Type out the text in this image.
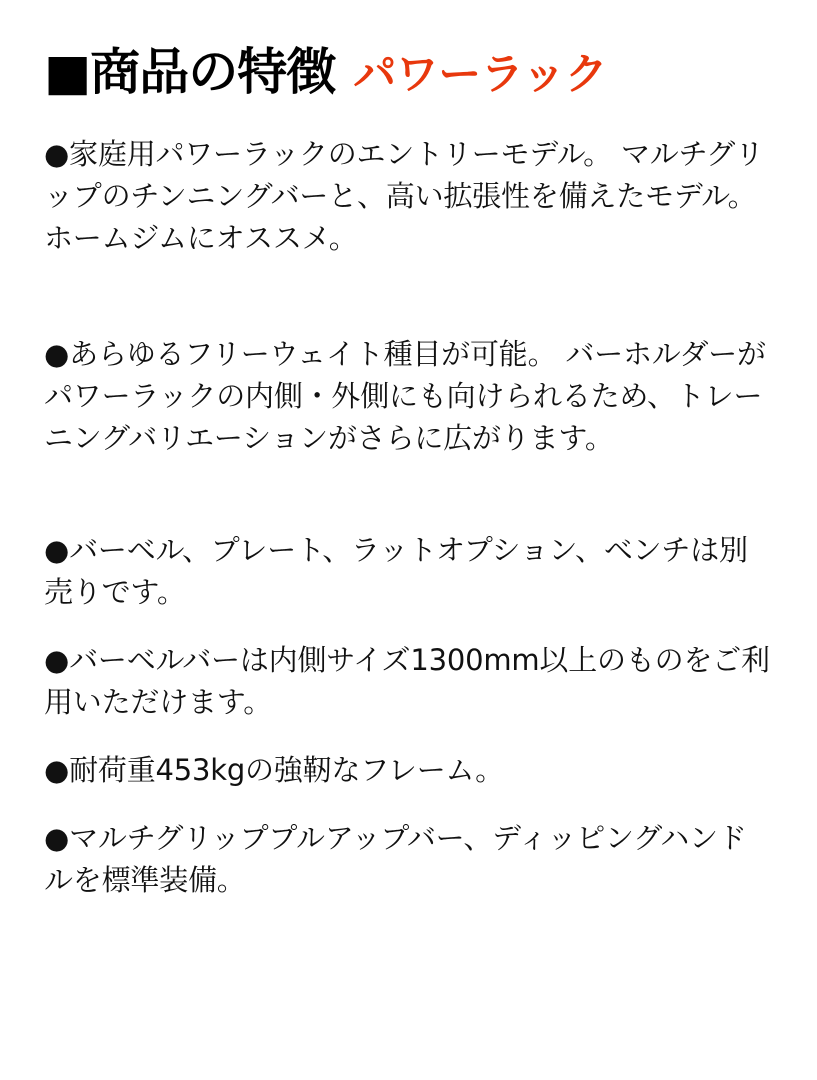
■商品の特徴 パワーラック

●家庭用パワーラックのエントリーモデル。 マルチグリップのチンニングバーと、高い拡張性を備えたモデル。 ホームジムにオススメ。

●あらゆるフリーウェイト種目が可能。 バーホルダーがパワーラックの内側・外側にも向けられるため、トレーニングバリエーションがさらに広がります。

●バーベル、プレート、ラットオプション、ベンチは別売りです。

●バーベルバーは内側サイズ1300mm以上のものをご利用いただけます。

●耐荷重453kgの強靭なフレーム。

●マルチグリッププルアップバー、ディッピングハンドルを標準装備。
